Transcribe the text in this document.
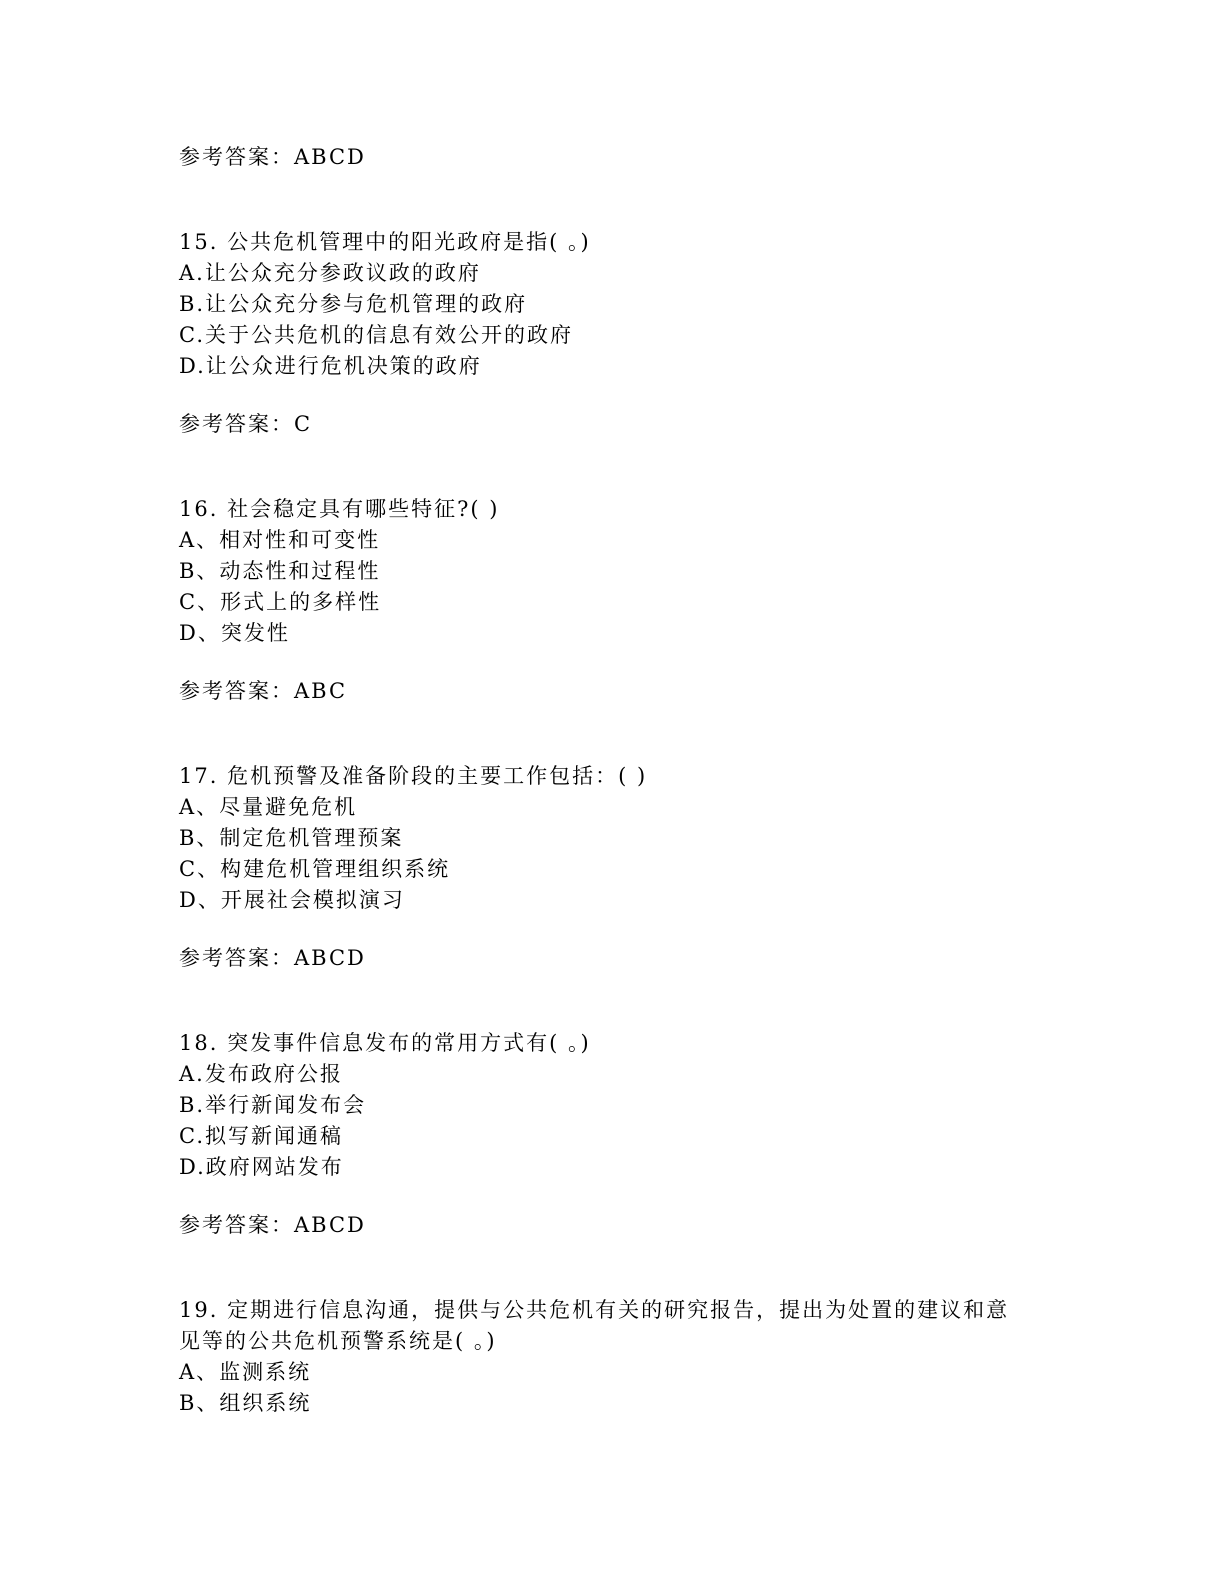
参考答案：ABCD
15. 公共危机管理中的阳光政府是指( 。)
A.让公众充分参政议政的政府
B.让公众充分参与危机管理的政府
C.关于公共危机的信息有效公开的政府
D.让公众进行危机决策的政府
参考答案：C
16. 社会稳定具有哪些特征?( )
A、相对性和可变性
B、动态性和过程性
C、形式上的多样性
D、突发性
参考答案：ABC
17. 危机预警及准备阶段的主要工作包括：( )
A、尽量避免危机
B、制定危机管理预案
C、构建危机管理组织系统
D、开展社会模拟演习
参考答案：ABCD
18. 突发事件信息发布的常用方式有( 。)
A.发布政府公报
B.举行新闻发布会
C.拟写新闻通稿
D.政府网站发布
参考答案：ABCD
19. 定期进行信息沟通，提供与公共危机有关的研究报告，提出为处置的建议和意
见等的公共危机预警系统是( 。)
A、监测系统
B、组织系统
